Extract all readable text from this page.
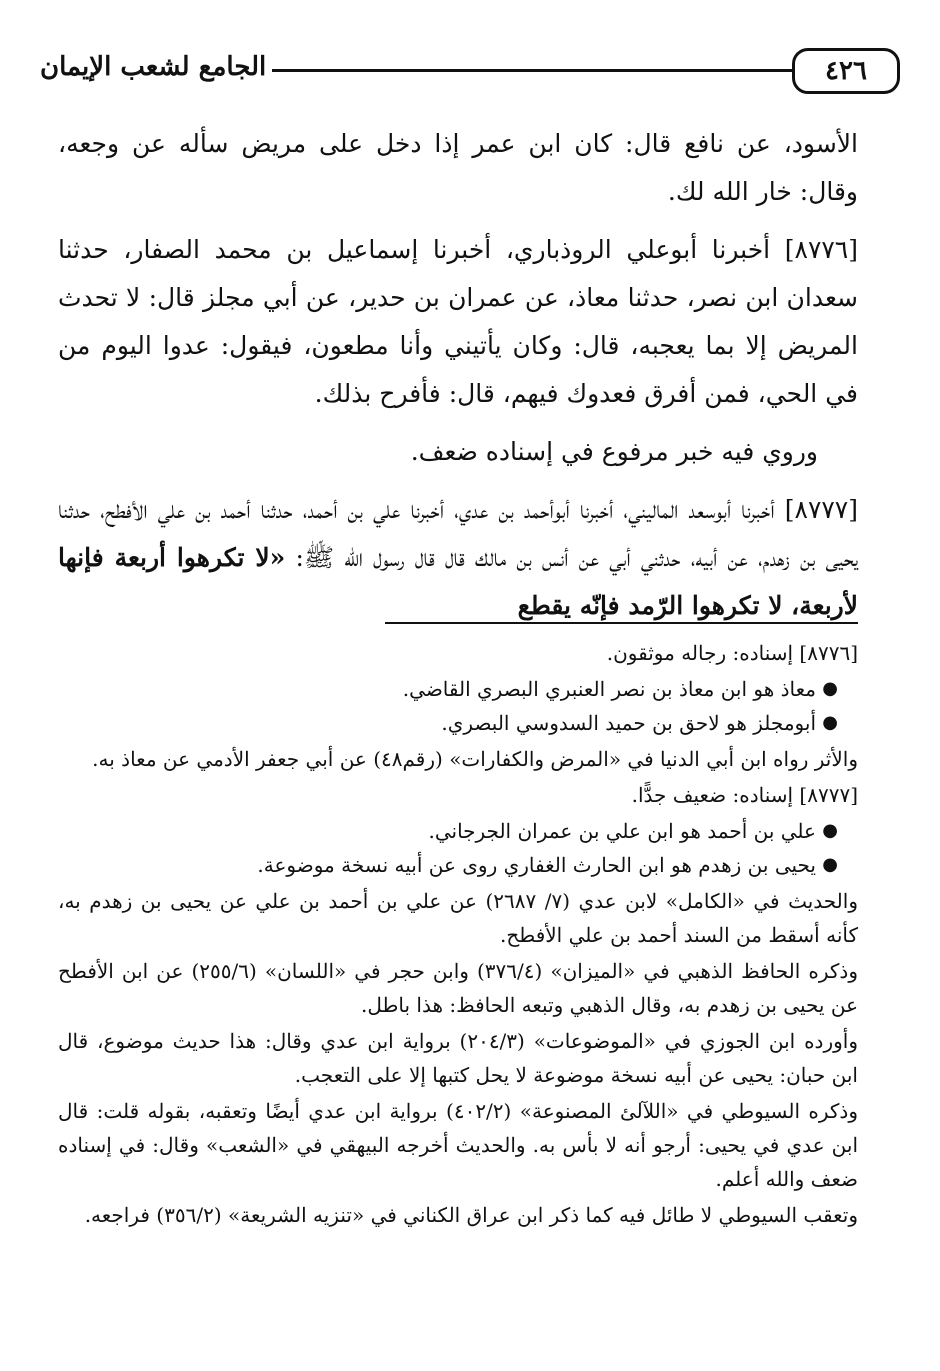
٤٢٦
الجامع لشعب الإيمان

الأسود، عن نافع قال: كان ابن عمر إذا دخل على مريض سأله عن وجعه، وقال: خار الله لك.

[٨٧٧٦] أخبرنا أبوعلي الروذباري، أخبرنا إسماعيل بن محمد الصفار، حدثنا سعدان ابن نصر، حدثنا معاذ، عن عمران بن حدير، عن أبي مجلز قال: لا تحدث المريض إلا بما يعجبه، قال: وكان يأتيني وأنا مطعون، فيقول: عدوا اليوم من في الحي، فمن أفرق فعدوك فيهم، قال: فأفرح بذلك.

وروي فيه خبر مرفوع في إسناده ضعف.

[٨٧٧٧] أخبرنا أبوسعد الماليني، أخبرنا أبوأحمد بن عدي، أخبرنا علي بن أحمد، حدثنا أحمد بن علي الأفطح، حدثنا يحيى بن زهدم، عن أبيه، حدثني أبي عن أنس بن مالك قال قال رسول الله ﷺ: «لا تكرهوا أربعة فإنها لأربعة، لا تكرهوا الرّمد فإنّه يقطع

[٨٧٧٦] إسناده: رجاله موثقون.

●
معاذ هو ابن معاذ بن نصر العنبري البصري القاضي.
●
أبومجلز هو لاحق بن حميد السدوسي البصري.

والأثر رواه ابن أبي الدنيا في «المرض والكفارات» (رقم٤٨) عن أبي جعفر الأدمي عن معاذ به.

[٨٧٧٧] إسناده: ضعيف جدًّا.

●
علي بن أحمد هو ابن علي بن عمران الجرجاني.
●
يحيى بن زهدم هو ابن الحارث الغفاري روى عن أبيه نسخة موضوعة.

والحديث في «الكامل» لابن عدي (٧/ ٢٦٨٧) عن علي بن أحمد بن علي عن يحيى بن زهدم به، كأنه أسقط من السند أحمد بن علي الأفطح.

وذكره الحافظ الذهبي في «الميزان» (٣٧٦/٤) وابن حجر في «اللسان» (٢٥٥/٦) عن ابن الأفطح عن يحيى بن زهدم به، وقال الذهبي وتبعه الحافظ: هذا باطل.

وأورده ابن الجوزي في «الموضوعات» (٢٠٤/٣) برواية ابن عدي وقال: هذا حديث موضوع، قال ابن حبان: يحيى عن أبيه نسخة موضوعة لا يحل كتبها إلا على التعجب.

وذكره السيوطي في «اللآلئ المصنوعة» (٤٠٢/٢) برواية ابن عدي أيضًا وتعقبه، بقوله قلت: قال ابن عدي في يحيى: أرجو أنه لا بأس به. والحديث أخرجه البيهقي في «الشعب» وقال: في إسناده ضعف والله أعلم.

وتعقب السيوطي لا طائل فيه كما ذكر ابن عراق الكناني في «تنزيه الشريعة» (٣٥٦/٢) فراجعه.
